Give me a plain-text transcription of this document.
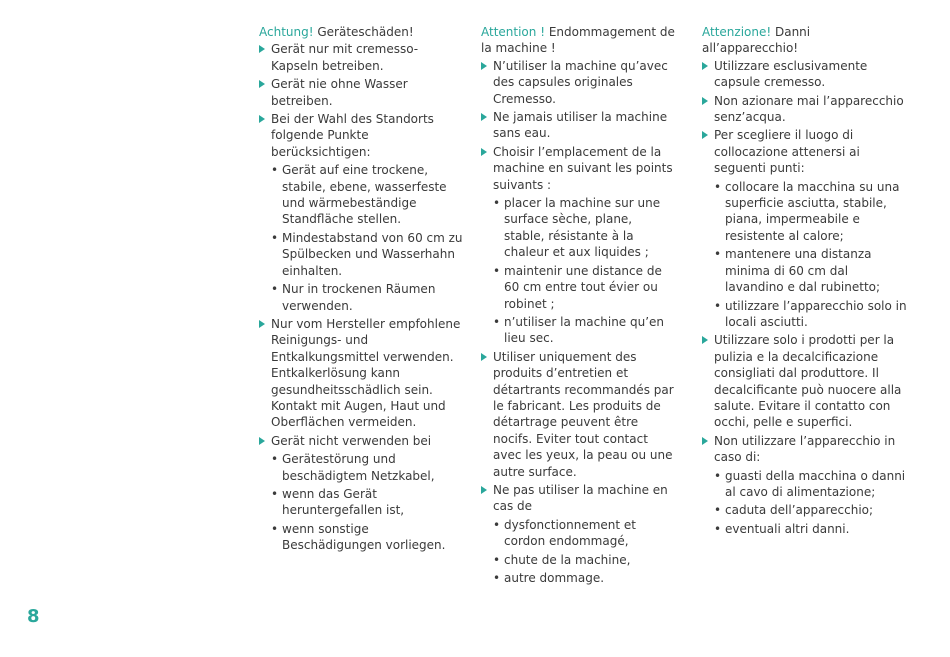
Achtung! Geräteschäden!
Gerät nur mit cremesso-Kapseln betreiben.
Gerät nie ohne Wasser betreiben.
Bei der Wahl des Standorts folgende Punkte berücksichtigen:
• Gerät auf eine trockene, stabile, ebene, wasserfeste und wärmebeständige Standfläche stellen.
• Mindestabstand von 60 cm zu Spülbecken und Wasserhahn einhalten.
• Nur in trockenen Räumen verwenden.
Nur vom Hersteller empfohlene Reinigungs- und Entkalkungsmittel verwenden. Entkalkerlösung kann gesundheitsschädlich sein. Kontakt mit Augen, Haut und Oberflächen vermeiden.
Gerät nicht verwenden bei
• Gerätestörung und beschädigtem Netzkabel,
• wenn das Gerät heruntergefallen ist,
• wenn sonstige Beschädigungen vorliegen.
Attention ! Endommagement de la machine !
N’utiliser la machine qu’avec des capsules originales Cremesso.
Ne jamais utiliser la machine sans eau.
Choisir l’emplacement de la machine en suivant les points suivants :
• placer la machine sur une surface sèche, plane, stable, résistante à la chaleur et aux liquides ;
• maintenir une distance de 60 cm entre tout évier ou robinet ;
• n’utiliser la machine qu’en lieu sec.
Utiliser uniquement des produits d’entretien et détartrants recommandés par le fabricant. Les produits de détartrage peuvent être nocifs. Eviter tout contact avec les yeux, la peau ou une autre surface.
Ne pas utiliser la machine en cas de
• dysfonctionnement et cordon endommagé,
• chute de la machine,
• autre dommage.
Attenzione! Danni all’apparecchio!
Utilizzare esclusivamente capsule cremesso.
Non azionare mai l’apparecchio senz’acqua.
Per scegliere il luogo di collocazione attenersi ai seguenti punti:
• collocare la macchina su una superficie asciutta, stabile, piana, impermeabile e resistente al calore;
• mantenere una distanza minima di 60 cm dal lavandino e dal rubinetto;
• utilizzare l’apparecchio solo in locali asciutti.
Utilizzare solo i prodotti per la pulizia e la decalcificazione consigliati dal produttore. Il decalcificante può nuocere alla salute. Evitare il contatto con occhi, pelle e superfici.
Non utilizzare l’apparecchio in caso di:
• guasti della macchina o danni al cavo di alimentazione;
• caduta dell’apparecchio;
• eventuali altri danni.
8
